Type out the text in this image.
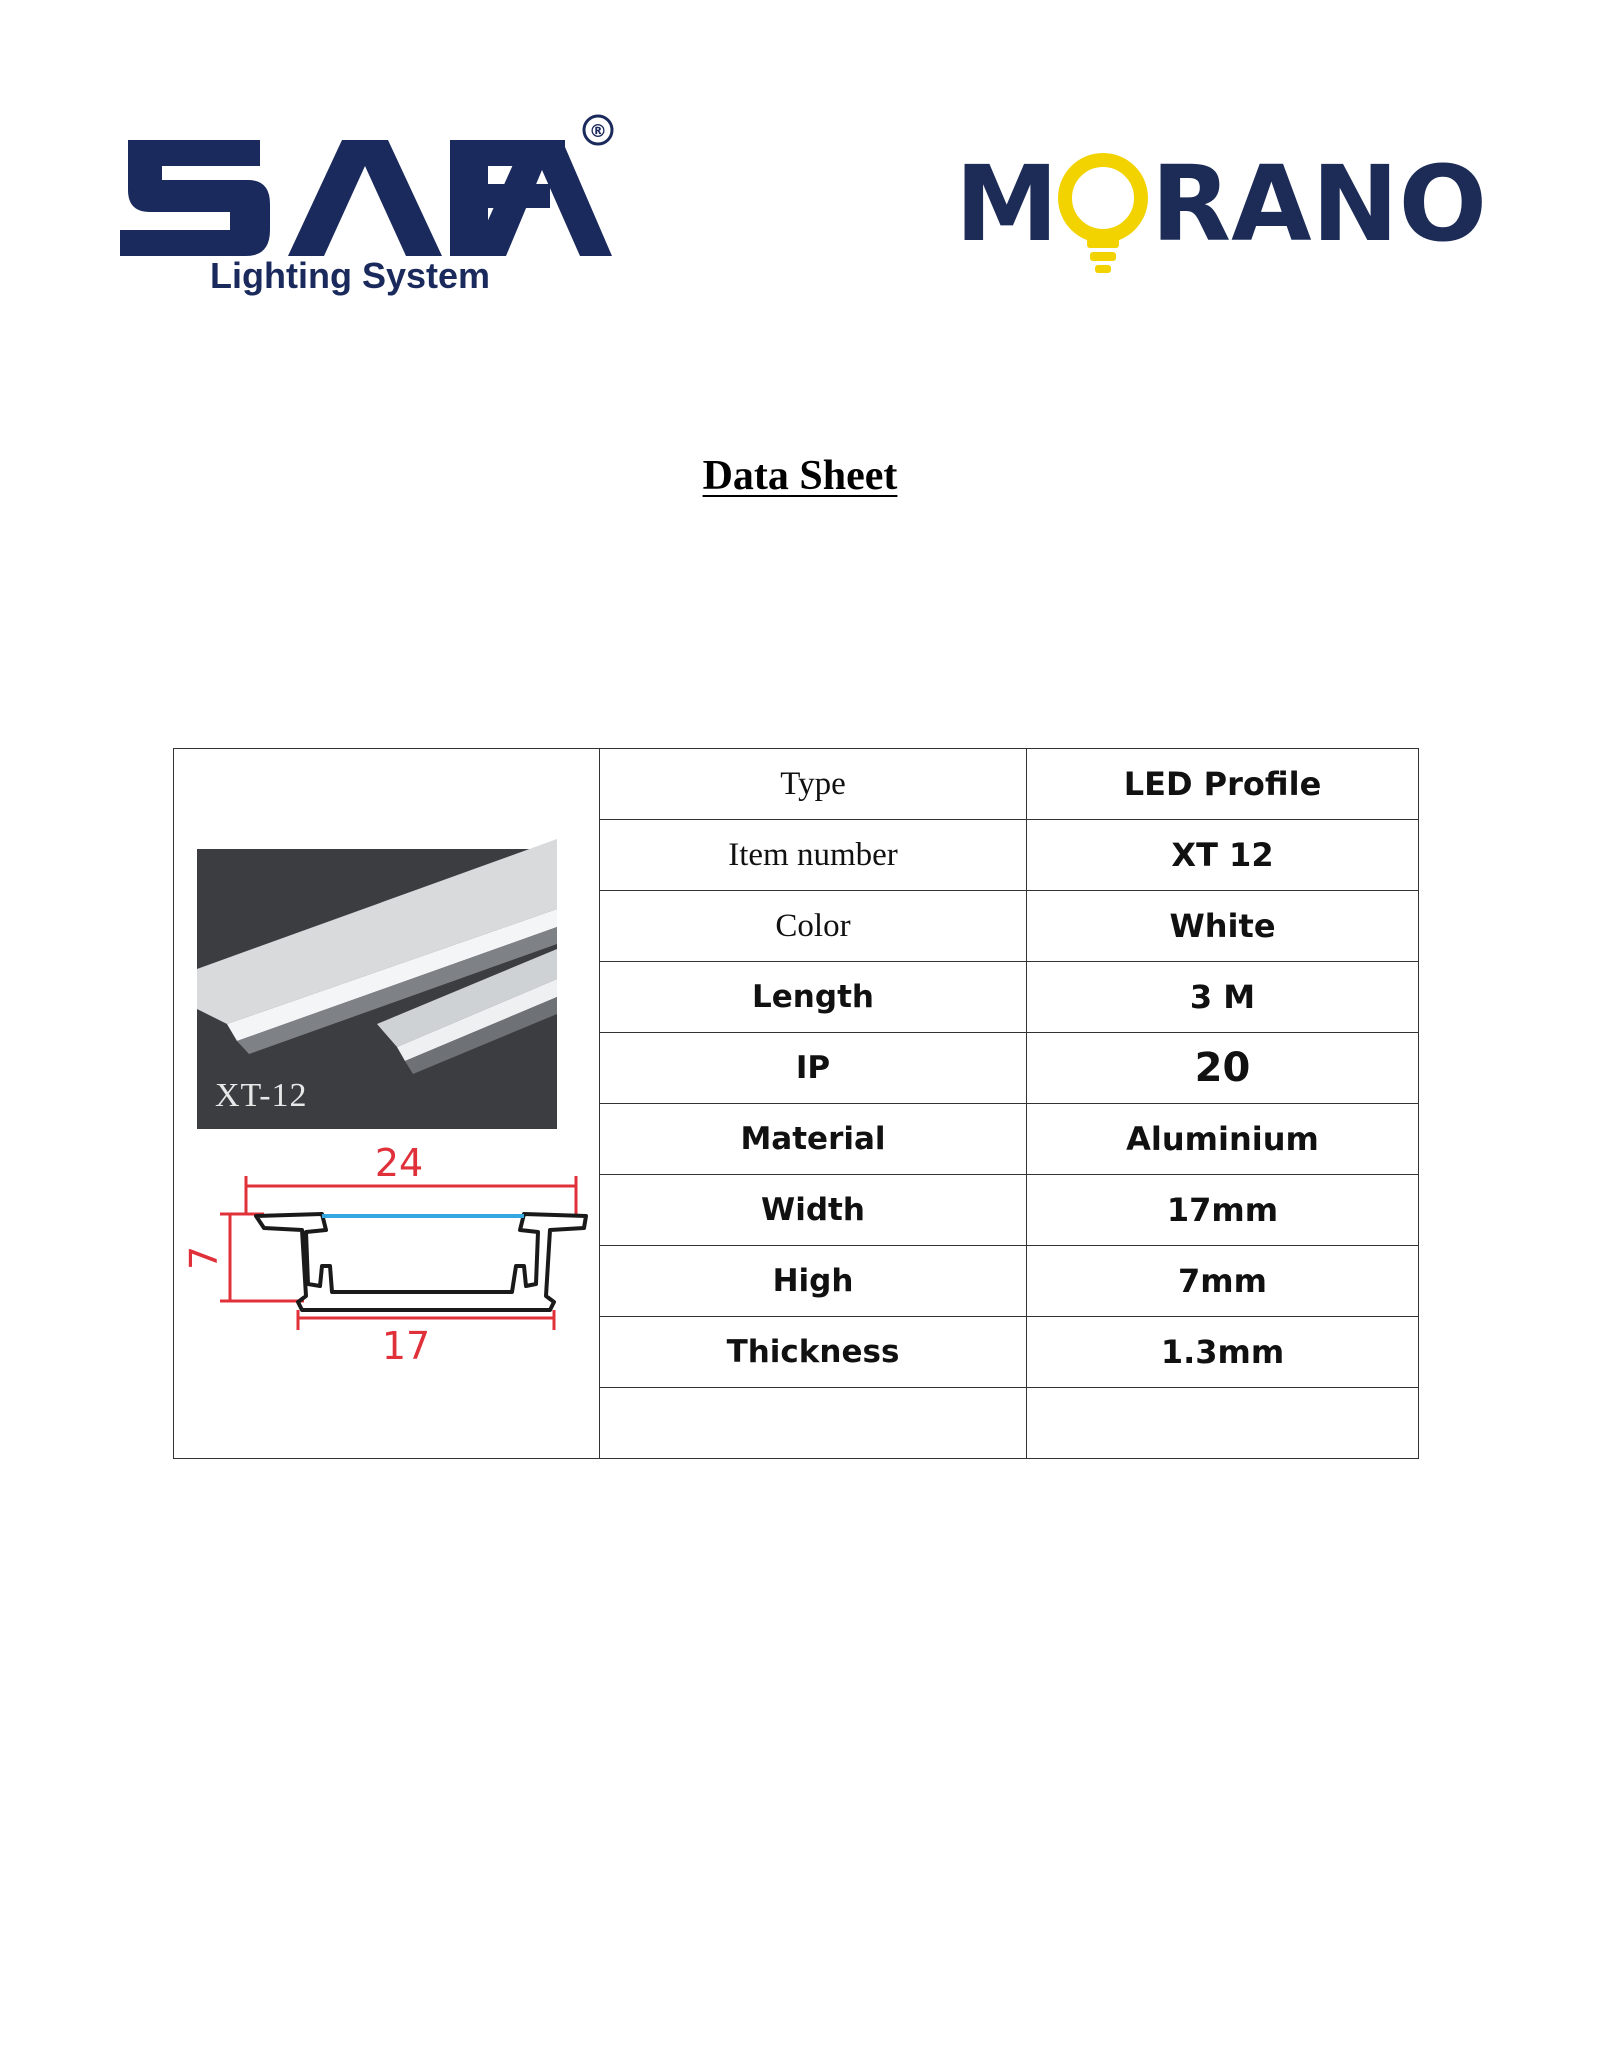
®
Lighting System
M RANO
Data Sheet
XT-12
24
7
17	Type	LED Profile
	Item number	XT 12
	Color	White
	Length	3 M
	IP	20
	Material	Aluminium
	Width	17mm
	High	7mm
	Thickness	1.3mm
